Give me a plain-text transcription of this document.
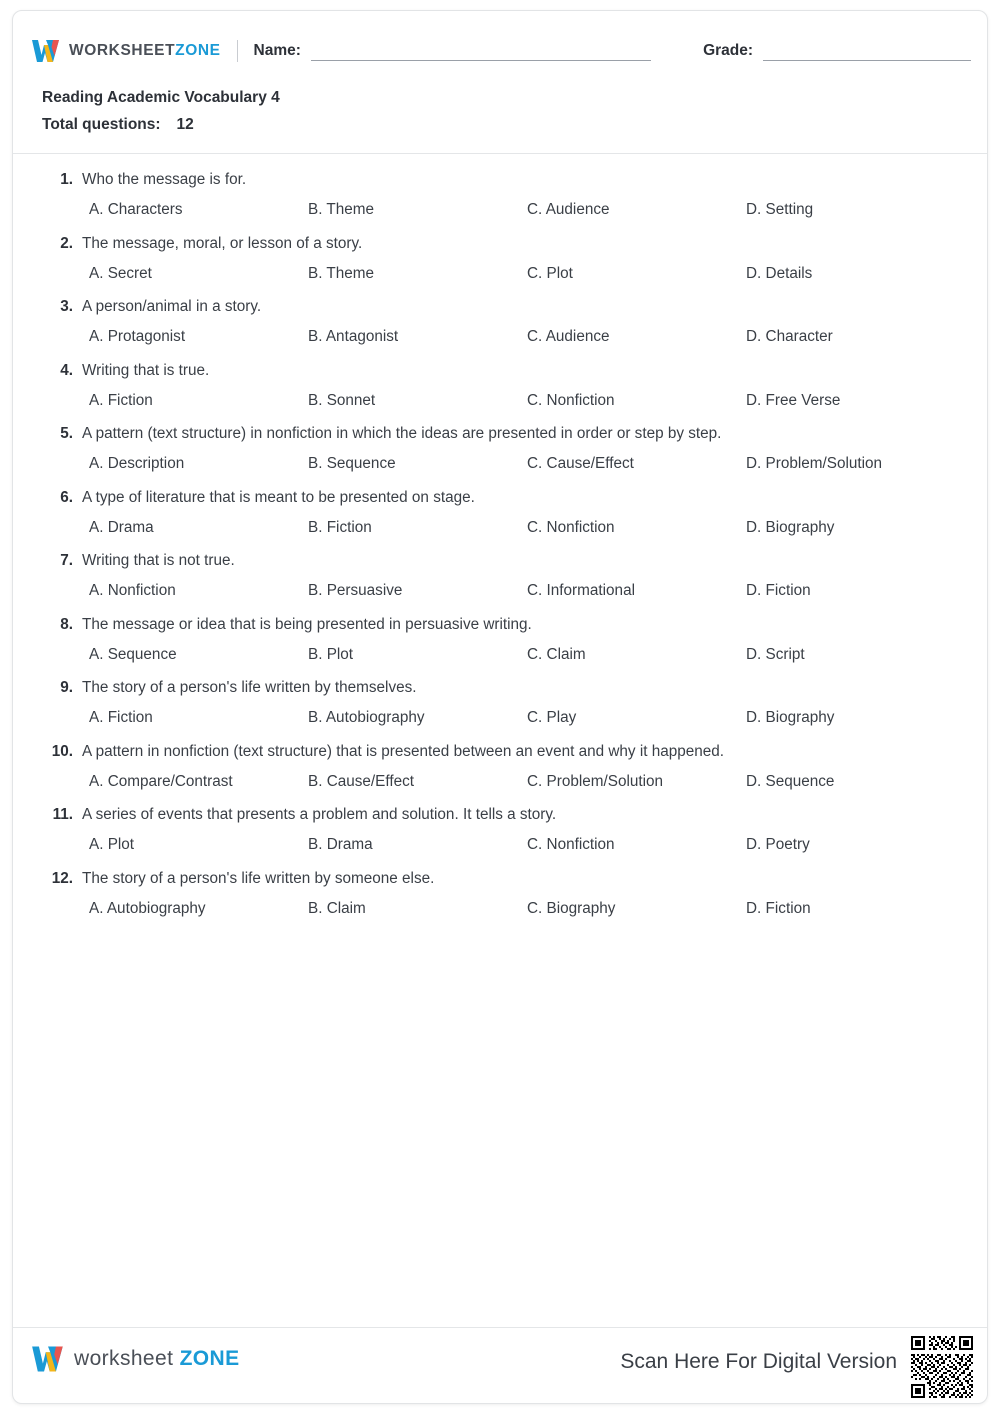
WORKSHEETZONE Name:	Grade:
Reading Academic Vocabulary 4
Total questions: 12
1. Who the message is for.
A. Characters	B. Theme	C. Audience	D. Setting
2. The message, moral, or lesson of a story.
A. Secret	B. Theme	C. Plot	D. Details
3. A person/animal in a story.
A. Protagonist	B. Antagonist	C. Audience	D. Character
4. Writing that is true.
A. Fiction	B. Sonnet	C. Nonfiction	D. Free Verse
5. A pattern (text structure) in nonfiction in which the ideas are presented in order or step by step.
A. Description	B. Sequence	C. Cause/Effect	D. Problem/Solution
6. A type of literature that is meant to be presented on stage.
A. Drama	B. Fiction	C. Nonfiction	D. Biography
7. Writing that is not true.
A. Nonfiction	B. Persuasive	C. Informational	D. Fiction
8. The message or idea that is being presented in persuasive writing.
A. Sequence	B. Plot	C. Claim	D. Script
9. The story of a person's life written by themselves.
A. Fiction	B. Autobiography	C. Play	D. Biography
10. A pattern in nonfiction (text structure) that is presented between an event and why it happened.
A. Compare/Contrast	B. Cause/Effect	C. Problem/Solution	D. Sequence
11. A series of events that presents a problem and solution. It tells a story.
A. Plot	B. Drama	C. Nonfiction	D. Poetry
12. The story of a person's life written by someone else.
A. Autobiography	B. Claim	C. Biography	D. Fiction
worksheet ZONE	Scan Here For Digital Version
